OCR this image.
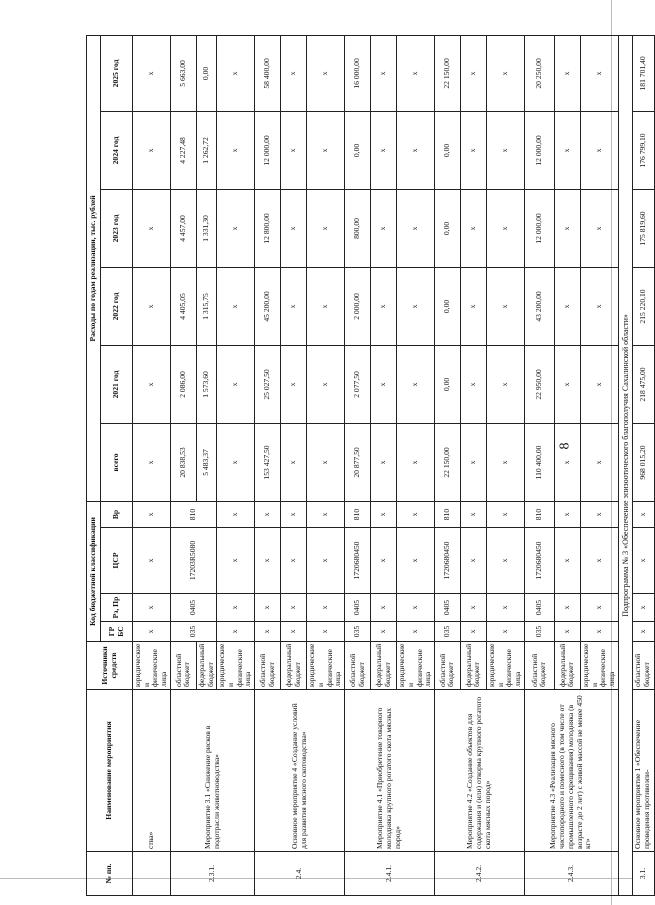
8
№ пп.	Наименование мероприятия	Источники средств	Код бюджетной классификации				Расходы по годам реализации, тыс. рублей					
			ГР БС	Рз, Пр	ЦСР	Вр	всего	2021 год	2022 год	2023 год	2024 год	2025 год
	ства»	юридические и физические лица	x	x	x	x	x	x	x	x	x	x
2.3.1.	Мероприятие 3.1 «Снижение рисков в подотрасли животноводства»	областной бюджет	035	0405	17203R5080	810	20 838,53	2 086,00	4 405,05	4 457,00	4 227,48	5 663,00
		федеральный бюджет					5 483,37	1 573,60	1 315,75	1 331,30	1 262,72	0,00
		юридические и физические лица	x	x	x	x	x	x	x	x	x	x
2.4.	Основное мероприятие 4 «Создание условий для развития мясного скотоводства»	областной бюджет	x	x	x	x	153 427,50	25 027,50	45 200,00	12 800,00	12 000,00	58 400,00
		федеральный бюджет	x	x	x	x	x	x	x	x	x	x
		юридические и физические лица	x	x	x	x	x	x	x	x	x	x
2.4.1.	Мероприятие 4.1 «Приобретение товарного молодняка крупного рогатого скота мясных пород»	областной бюджет	035	0405	1720680450	810	20 877,50	2 077,50	2 000,00	800,00	0,00	16 000,00
		федеральный бюджет	x	x	x	x	x	x	x	x	x	x
		юридические и физические лица	x	x	x	x	x	x	x	x	x	x
2.4.2.	Мероприятие 4.2 «Создание объектов для содержания и (или) откорма крупного рогатого скота мясных пород»	областной бюджет	035	0405	1720680450	810	22 150,00	0,00	0,00	0,00	0,00	22 150,00
		федеральный бюджет	x	x	x	x	x	x	x	x	x	x
		юридические и физические лица	x	x	x	x	x	x	x	x	x	x
2.4.3.	Мероприятие 4.3 «Реализация мясного чистопородного и помесного (в том числе от промышленного скрещивания) молодняка (в возрасте до 2 лет) с живой массой не менее 450 кг»	областной бюджет	035	0405	1720680450	810	110 400,00	22 950,00	43 200,00	12 000,00	12 000,00	20 250,00
		федеральный бюджет	x	x	x	x	x	x	x	x	x	x
		юридические и физические лица	x	x	x	x	x	x	x	x	x	x
Подпрограмма № 3 «Обеспечение эпизоотического благополучия Сахалинской области»												
3.1.	Основное мероприятие 1 «Обеспечение проведения противоэпи-	областной бюджет	x	x	x	x	968 015,20	218 475,00	215 220,10	175 819,60	176 799,10	181 701,40
